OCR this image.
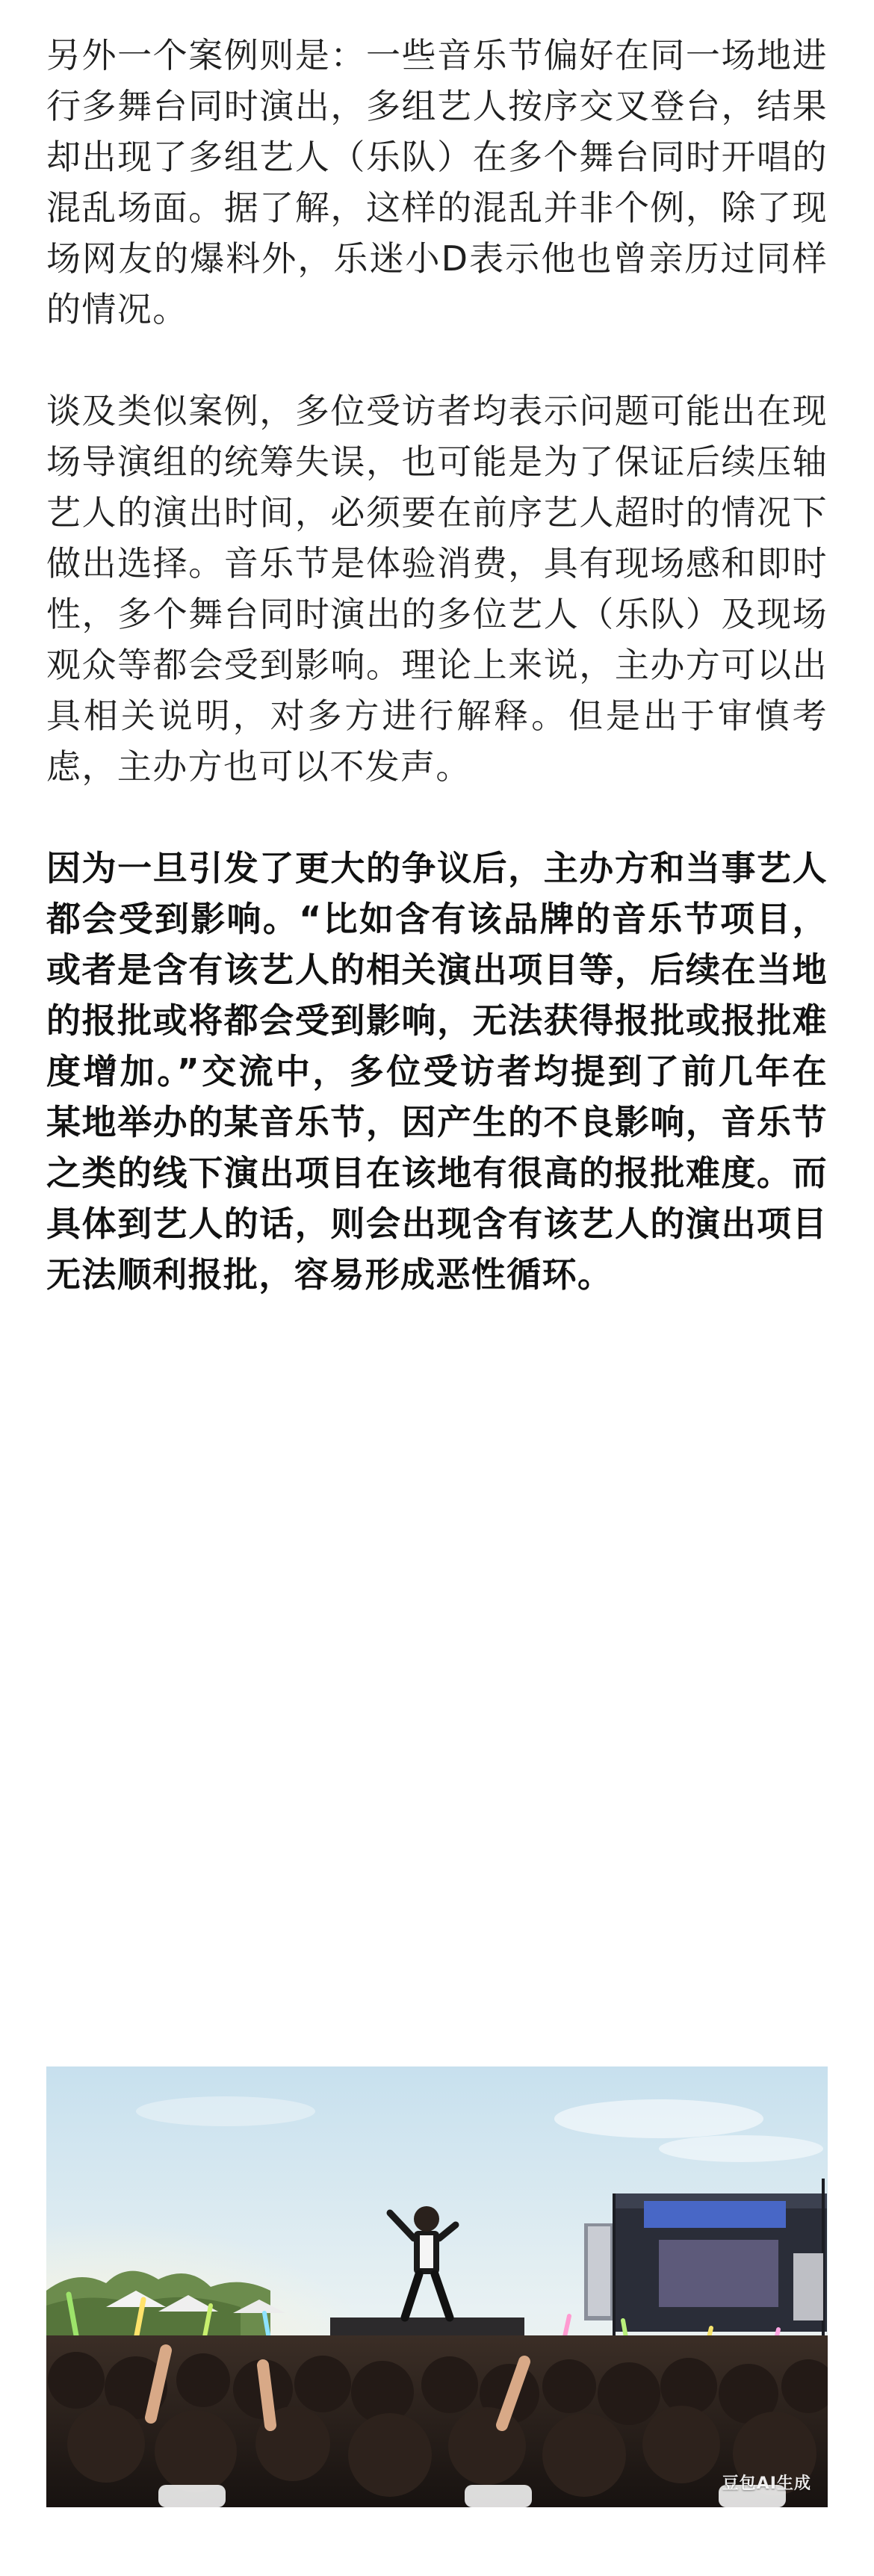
另外一个案例则是：一些音乐节偏好在同一场地进行多舞台同时演出，多组艺人按序交叉登台，结果却出现了多组艺人（乐队）在多个舞台同时开唱的混乱场面。据了解，这样的混乱并非个例，除了现场网友的爆料外，乐迷小D表示他也曾亲历过同样的情况。

谈及类似案例，多位受访者均表示问题可能出在现场导演组的统筹失误，也可能是为了保证后续压轴艺人的演出时间，必须要在前序艺人超时的情况下做出选择。音乐节是体验消费，具有现场感和即时性，多个舞台同时演出的多位艺人（乐队）及现场观众等都会受到影响。理论上来说，主办方可以出具相关说明，对多方进行解释。但是出于审慎考虑，主办方也可以不发声。

因为一旦引发了更大的争议后，主办方和当事艺人都会受到影响。“比如含有该品牌的音乐节项目，或者是含有该艺人的相关演出项目等，后续在当地的报批或将都会受到影响，无法获得报批或报批难度增加。”交流中，多位受访者均提到了前几年在某地举办的某音乐节，因产生的不良影响，音乐节之类的线下演出项目在该地有很高的报批难度。而具体到艺人的话，则会出现含有该艺人的演出项目无法顺利报批，容易形成恶性循环。

豆包AI生成
